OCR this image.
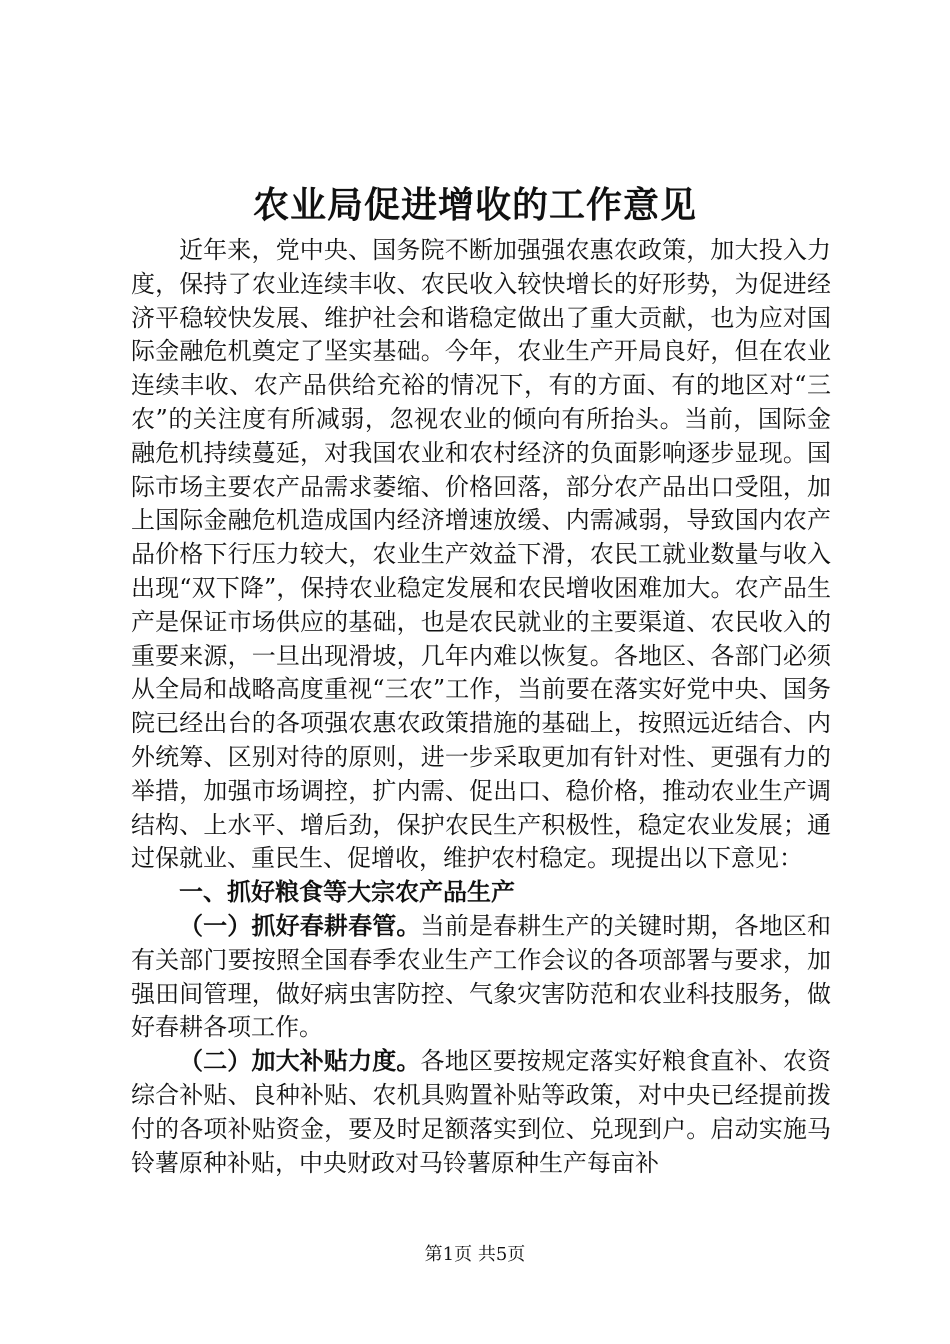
农业局促进增收的工作意见

近年来，党中央、国务院不断加强强农惠农政策，加大投入力度，保持了农业连续丰收、农民收入较快增长的好形势，为促进经济平稳较快发展、维护社会和谐稳定做出了重大贡献，也为应对国际金融危机奠定了坚实基础。今年，农业生产开局良好，但在农业连续丰收、农产品供给充裕的情况下，有的方面、有的地区对“三农”的关注度有所减弱，忽视农业的倾向有所抬头。当前，国际金融危机持续蔓延，对我国农业和农村经济的负面影响逐步显现。国际市场主要农产品需求萎缩、价格回落，部分农产品出口受阻，加上国际金融危机造成国内经济增速放缓、内需减弱，导致国内农产品价格下行压力较大，农业生产效益下滑，农民工就业数量与收入出现“双下降”，保持农业稳定发展和农民增收困难加大。农产品生产是保证市场供应的基础，也是农民就业的主要渠道、农民收入的重要来源，一旦出现滑坡，几年内难以恢复。各地区、各部门必须从全局和战略高度重视“三农”工作，当前要在落实好党中央、国务院已经出台的各项强农惠农政策措施的基础上，按照远近结合、内外统筹、区别对待的原则，进一步采取更加有针对性、更强有力的举措，加强市场调控，扩内需、促出口、稳价格，推动农业生产调结构、上水平、增后劲，保护农民生产积极性，稳定农业发展；通过保就业、重民生、促增收，维护农村稳定。现提出以下意见：

一、抓好粮食等大宗农产品生产

（一）抓好春耕春管。当前是春耕生产的关键时期，各地区和有关部门要按照全国春季农业生产工作会议的各项部署与要求，加强田间管理，做好病虫害防控、气象灾害防范和农业科技服务，做好春耕各项工作。

（二）加大补贴力度。各地区要按规定落实好粮食直补、农资综合补贴、良种补贴、农机具购置补贴等政策，对中央已经提前拨付的各项补贴资金，要及时足额落实到位、兑现到户。启动实施马铃薯原种补贴，中央财政对马铃薯原种生产每亩补

第1页 共5页
